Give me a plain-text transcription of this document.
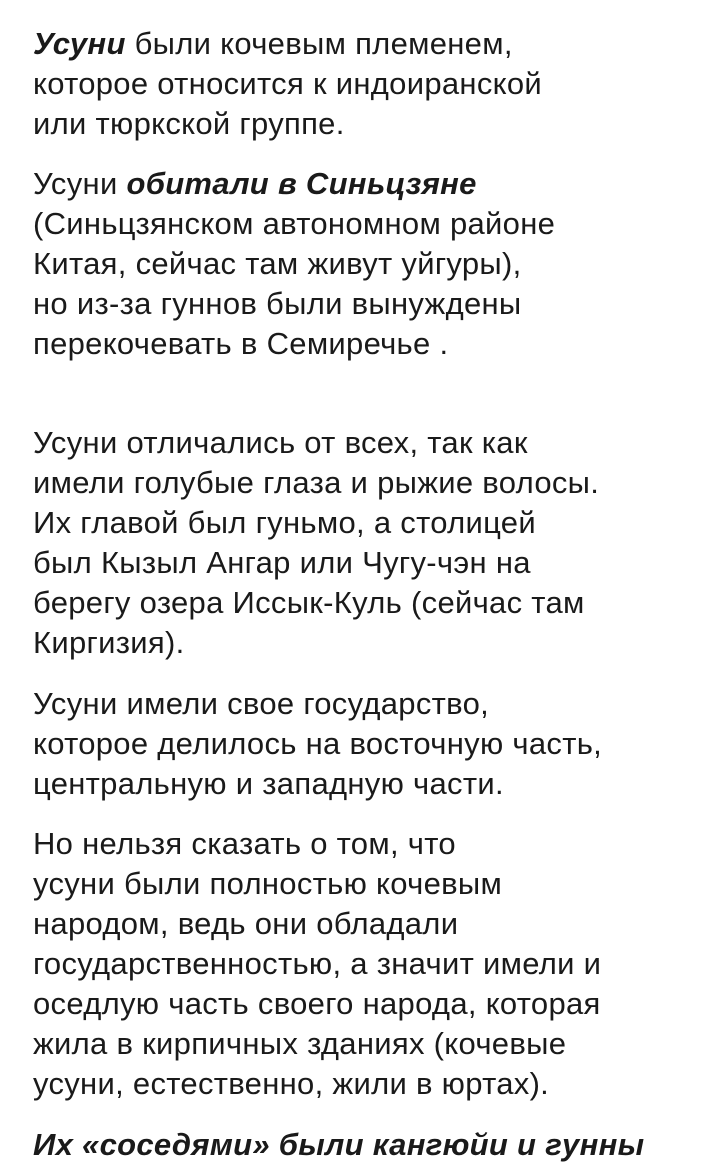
Усуни были кочевым племенем,
которое относится к индоиранской
или тюркской группе.
Усуни обитали в Синьцзяне
(Синьцзянском автономном районе
Китая, сейчас там живут уйгуры),
но из-за гуннов были вынуждены
перекочевать в Семиречье .
Усуни отличались от всех, так как
имели голубые глаза и рыжие волосы.
Их главой был гуньмо, а столицей
был Кызыл Ангар или Чугу-чэн на
берегу озера Иссык-Куль (сейчас там
Киргизия).
Усуни имели свое государство,
которое делилось на восточную часть,
центральную и западную части.
Но нельзя сказать о том, что
усуни были полностью кочевым
народом, ведь они обладали
государственностью, а значит имели и
оседлую часть своего народа, которая
жила в кирпичных зданиях (кочевые
усуни, естественно, жили в юртах).
Их «соседями» были кангюйи и гунны
